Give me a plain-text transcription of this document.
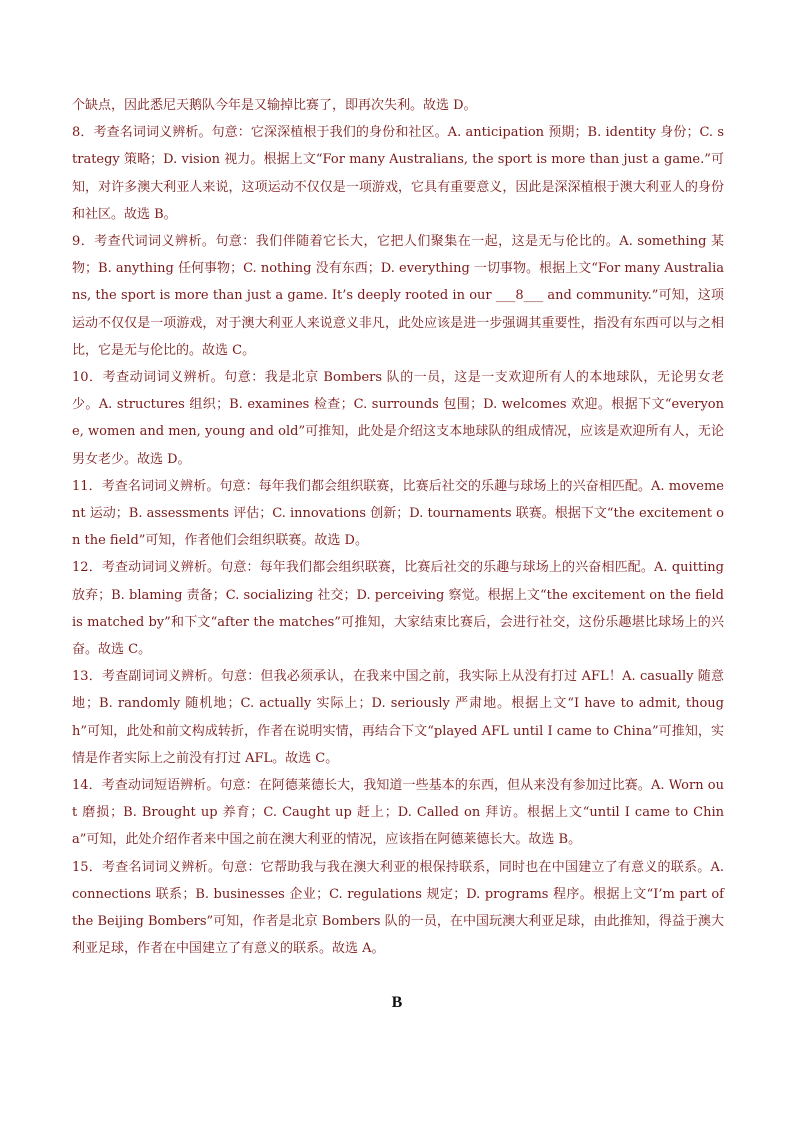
个缺点，因此悉尼天鹅队今年是又输掉比赛了，即再次失利。故选 D。

8．考查名词词义辨析。句意：它深深植根于我们的身份和社区。A. anticipation 预期；B. identity 身份；C. strategy 策略；D. vision 视力。根据上文“For many Australians, the sport is more than just a game.”可知，对许多澳大利亚人来说，这项运动不仅仅是一项游戏，它具有重要意义，因此是深深植根于澳大利亚人的身份和社区。故选 B。

9．考查代词词义辨析。句意：我们伴随着它长大，它把人们聚集在一起，这是无与伦比的。A. something 某物；B. anything 任何事物；C. nothing 没有东西；D. everything 一切事物。根据上文“For many Australians, the sport is more than just a game. It’s deeply rooted in our ___8___ and community.”可知，这项运动不仅仅是一项游戏，对于澳大利亚人来说意义非凡，此处应该是进一步强调其重要性，指没有东西可以与之相比，它是无与伦比的。故选 C。

10．考查动词词义辨析。句意：我是北京 Bombers 队的一员，这是一支欢迎所有人的本地球队，无论男女老少。A. structures 组织；B. examines 检查；C. surrounds 包围；D. welcomes 欢迎。根据下文“everyone, women and men, young and old”可推知，此处是介绍这支本地球队的组成情况，应该是欢迎所有人，无论男女老少。故选 D。

11．考查名词词义辨析。句意：每年我们都会组织联赛，比赛后社交的乐趣与球场上的兴奋相匹配。A. movement 运动；B. assessments 评估；C. innovations 创新；D. tournaments 联赛。根据下文“the excitement on the field”可知，作者他们会组织联赛。故选 D。

12．考查动词词义辨析。句意：每年我们都会组织联赛，比赛后社交的乐趣与球场上的兴奋相匹配。A. quitting 放弃；B. blaming 责备；C. socializing 社交；D. perceiving 察觉。根据上文“the excitement on the field is matched by”和下文“after the matches”可推知，大家结束比赛后，会进行社交，这份乐趣堪比球场上的兴奋。故选 C。

13．考查副词词义辨析。句意：但我必须承认，在我来中国之前，我实际上从没有打过 AFL！A. casually 随意地；B. randomly 随机地；C. actually 实际上；D. seriously 严肃地。根据上文“I have to admit, though”可知，此处和前文构成转折，作者在说明实情，再结合下文“played AFL until I came to China”可推知，实情是作者实际上之前没有打过 AFL。故选 C。

14．考查动词短语辨析。句意：在阿德莱德长大，我知道一些基本的东西，但从来没有参加过比赛。A. Worn out 磨损；B. Brought up 养育；C. Caught up 赶上；D. Called on 拜访。根据上文“until I came to China”可知，此处介绍作者来中国之前在澳大利亚的情况，应该指在阿德莱德长大。故选 B。

15．考查名词词义辨析。句意：它帮助我与我在澳大利亚的根保持联系，同时也在中国建立了有意义的联系。A. connections 联系；B. businesses 企业；C. regulations 规定；D. programs 程序。根据上文“I’m part of the Beijing Bombers”可知，作者是北京 Bombers 队的一员，在中国玩澳大利亚足球，由此推知，得益于澳大利亚足球，作者在中国建立了有意义的联系。故选 A。

B
